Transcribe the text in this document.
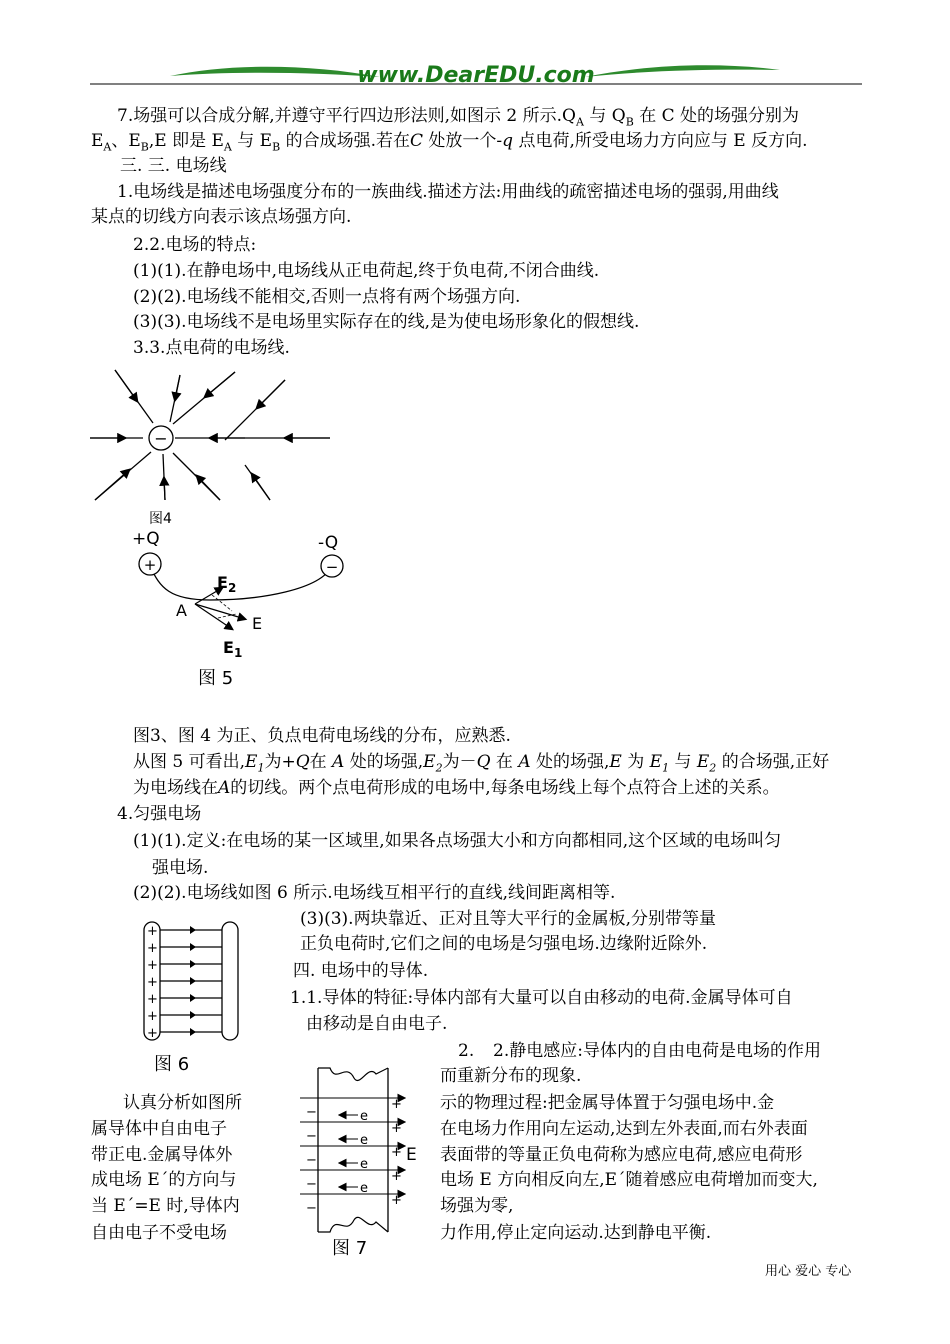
www.DearEDU.com
7.场强可以合成分解,并遵守平行四边形法则,如图示 2 所示$.Q_A$ 与 $Q_B$ 在 C 处的场强分别为
$E_A$、$E_B,E$ 即是 $E_A$ 与 $E_B$ 的合成场强.若在C 处放一个-q 点电荷,所受电场力方向应与 E 反方向.
三. 三. 电场线
1.电场线是描述电场强度分布的一族曲线.描述方法:用曲线的疏密描述电场的强弱,用曲线
某点的切线方向表示该点场强方向.
2.2.电场的特点:
(1)(1).在静电场中,电场线从正电荷起,终于负电荷,不闭合曲线.
(2)(2).电场线不能相交,否则一点将有两个场强方向.
(3)(3).电场线不是电场里实际存在的线,是为使电场形象化的假想线.
3.3.点电荷的电场线.
−
图4
+Q	-Q
+	−
A
$E_2$
E
$E_1$
图 5
图3、图 4 为正、负点电荷电场线的分布，应熟悉.
从图 5 可看出$,E_1$为+Q在 A 处的场强$,E_2$为－Q 在 A 处的场强,E 为 $E_1$ 与 $E_2$ 的合场强,正好
为电场线在A的切线。两个点电荷形成的电场中,每条电场线上每个点符合上述的关系。
4.匀强电场
(1)(1).定义:在电场的某一区域里,如果各点场强大小和方向都相同,这个区域的电场叫匀
强电场.
(2)(2).电场线如图 6 所示.电场线互相平行的直线,线间距离相等.
(3)(3).两块靠近、正对且等大平行的金属板,分别带等量
正负电荷时,它们之间的电场是匀强电场.边缘附近除外.
+
+
+
+
+
+
+
图 6
四. 电场中的导体.
1.1.导体的特征:导体内部有大量可以自由移动的电荷.金属导体可自
由移动是自由电子.
2. 2.静电感应:导体内的自由电荷是电场的作用
而重新分布的现象.
示的物理过程:把金属导体置于匀强电场中.金
在电场力作用向左运动,达到左外表面,而右外表面
表面带的等量正负电荷称为感应电荷,感应电荷形
电场 E 方向相反向左,E´随着感应电荷增加而变大,
场强为零,
力作用,停止定向运动.达到静电平衡.
认真分析如图所
属导体中自由电子
带正电.金属导体外
成电场 E´的方向与
当 E´=E 时,导体内
自由电子不受电场
e
e
e
e
−
−
−
−
−
+
+
+
+
+
E
图 7
用心 爱心 专心
